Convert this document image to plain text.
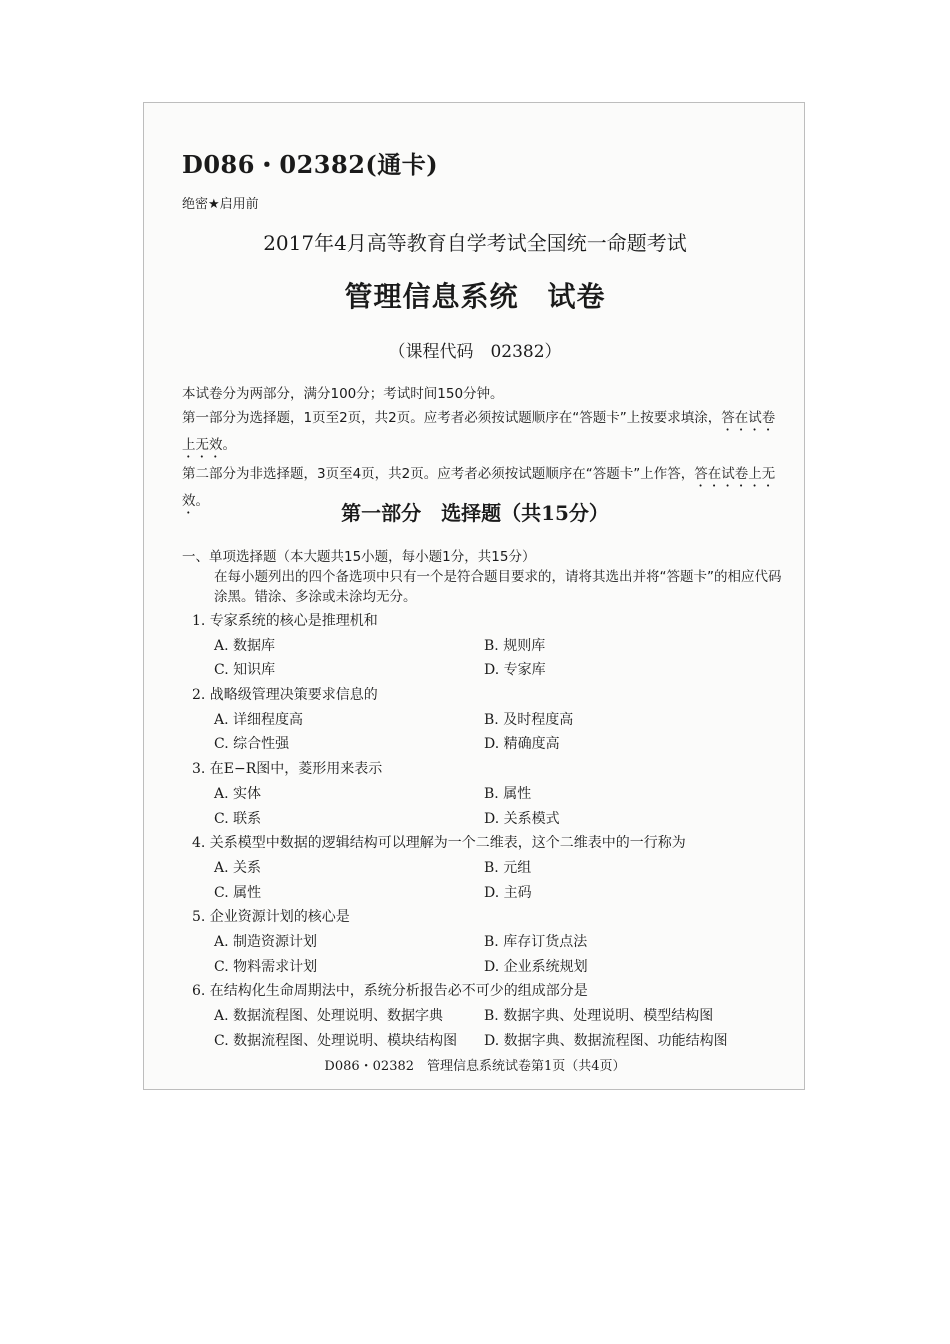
D086・02382(通卡)
绝密★启用前
2017年4月高等教育自学考试全国统一命题考试
管理信息系统　试卷
（课程代码　02382）

本试卷分为两部分，满分100分；考试时间150分钟。

第一部分为选择题，1页至2页，共2页。应考者必须按试题顺序在“答题卡”上按要求填涂，答在试卷上无效。

第二部分为非选择题，3页至4页，共2页。应考者必须按试题顺序在“答题卡”上作答，答在试卷上无效。	第一部分　选择题（共15分）
一、单项选择题（本大题共15小题，每小题1分，共15分）

在每小题列出的四个备选项中只有一个是符合题目要求的，请将其选出并将“答题卡”的相应代码涂黑。错涂、多涂或未涂均无分。

1. 专家系统的核心是推理机和
A. 数据库	B. 规则库
C. 知识库	D. 专家库
2. 战略级管理决策要求信息的
A. 详细程度高	B. 及时程度高
C. 综合性强	D. 精确度高
3. 在E−R图中，菱形用来表示
A. 实体	B. 属性
C. 联系	D. 关系模式
4. 关系模型中数据的逻辑结构可以理解为一个二维表，这个二维表中的一行称为
A. 关系	B. 元组
C. 属性	D. 主码
5. 企业资源计划的核心是
A. 制造资源计划	B. 库存订货点法
C. 物料需求计划	D. 企业系统规划
6. 在结构化生命周期法中，系统分析报告必不可少的组成部分是
A. 数据流程图、处理说明、数据字典	B. 数据字典、处理说明、模型结构图
C. 数据流程图、处理说明、模块结构图 D. 数据字典、数据流程图、功能结构图
D086・02382　管理信息系统试卷第1页（共4页）
